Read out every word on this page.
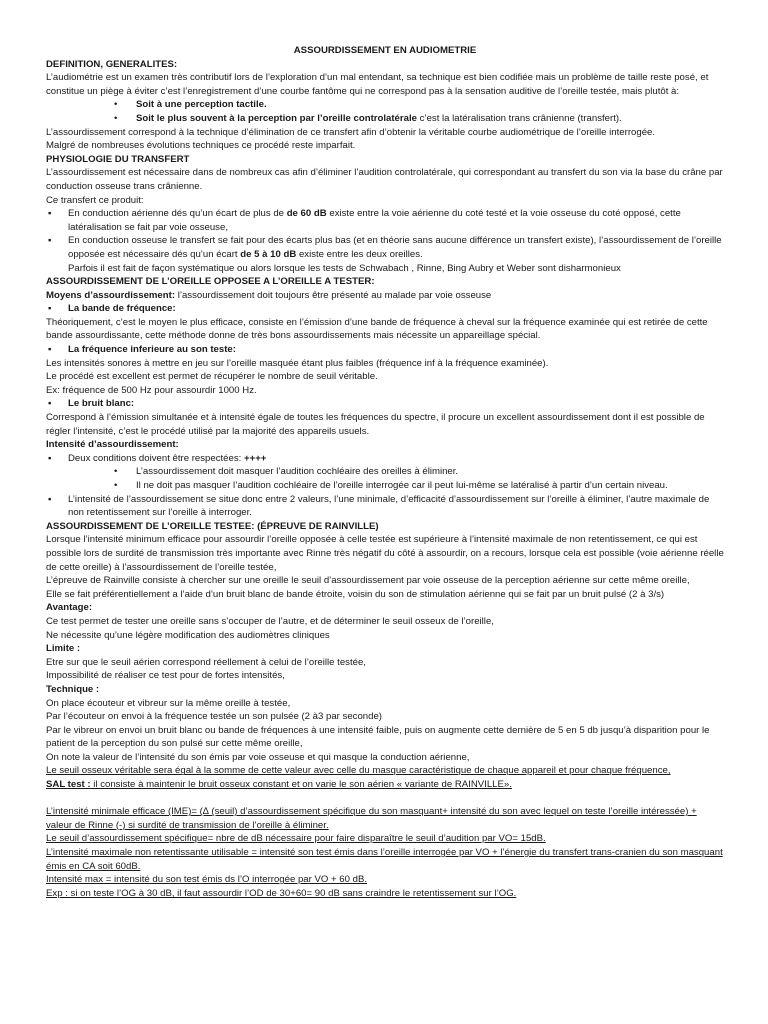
ASSOURDISSEMENT EN AUDIOMETRIE

DEFINITION, GENERALITES:

L’audiométrie est un examen très contributif lors de l’exploration d’un mal entendant, sa technique est bien codifiée mais un problème de taille reste posé, et constitue un piège à éviter c’est l’enregistrement d’une courbe fantôme qui ne correspond pas à la sensation auditive de l’oreille testée, mais plutôt à:

• Soit à une perception tactile.
• Soit le plus souvent à la perception par l’oreille controlatérale c’est la latéralisation trans crânienne (transfert).

L’assourdissement correspond à la technique d’élimination de ce transfert afin d’obtenir la véritable courbe audiométrique de l’oreille interrogée.

Malgré de nombreuses évolutions techniques ce procédé reste imparfait.

PHYSIOLOGIE DU TRANSFERT

L’assourdissement est nécessaire dans de nombreux cas afin d’éliminer l’audition controlatérale, qui correspondant au transfert du son via la base du crâne par conduction osseuse trans crânienne.

Ce transfert ce produit:

▪ En conduction aérienne dés qu’un écart de plus de de 60 dB existe entre la voie aérienne du coté testé et la voie osseuse du coté opposé, cette latéralisation se fait par voie osseuse,
▪ En conduction osseuse le transfert se fait pour des écarts plus bas (et en théorie sans aucune différence un transfert existe), l’assourdissement de l’oreille opposée est nécessaire dés qu’un écart de 5 à 10 dB existe entre les deux oreilles.

Parfois il est fait de façon systématique ou alors lorsque les tests de Schwabach , Rinne, Bing Aubry et Weber sont disharmonieux

ASSOURDISSEMENT DE L’OREILLE OPPOSEE A L’OREILLE A TESTER:

Moyens d’assourdissement: l’assourdissement doit toujours être présenté au malade par voie osseuse

▪ La bande de fréquence:

Théoriquement, c’est le moyen le plus efficace, consiste en l’émission d’une bande de fréquence à cheval sur la fréquence examinée qui est retirée de cette bande assourdissante, cette méthode donne de très bons assourdissements mais nécessite un appareillage spécial.

▪ La fréquence inferieure au son teste:

Les intensités sonores à mettre en jeu sur l’oreille masquée étant plus faibles (fréquence inf à la fréquence examinée).

Le procédé est excellent est permet de récupérer le nombre de seuil véritable.

Ex: fréquence de 500 Hz pour assourdir 1000 Hz.

▪ Le bruit blanc:

Correspond à l’émission simultanée et à intensité égale de toutes les fréquences du spectre, il procure un excellent assourdissement dont il est possible de régler l’intensité, c’est le procédé utilisé par la majorité des appareils usuels.

Intensité d’assourdissement:

▪ Deux conditions doivent être respectées: ++++
• L’assourdissement doit masquer l’audition cochléaire des oreilles à éliminer.
• Il ne doit pas masquer l’audition cochléaire de l’oreille interrogée car il peut lui-même se latéralisé à partir d’un certain niveau.
▪ L’intensité de l’assourdissement se situe donc entre 2 valeurs, l’une minimale, d’efficacité d’assourdissement sur l’oreille à éliminer, l’autre maximale de non retentissement sur l’oreille à interroger.

ASSOURDISSEMENT DE L’OREILLE TESTEE: (ÉPREUVE DE RAINVILLE)

Lorsque l’intensité minimum efficace pour assourdir l’oreille opposée à celle testée est supérieure à l’intensité maximale de non retentissement, ce qui est possible lors de surdité de transmission très importante avec Rinne très négatif du côté à assourdir, on a recours, lorsque cela est possible (voie aérienne réelle de cette oreille) à l’assourdissement de l’oreille testée,

L’épreuve de Rainville consiste à chercher sur une oreille le seuil d’assourdissement par voie osseuse de la perception aérienne sur cette même oreille,

Elle se fait préférentiellement a l’aide d’un bruit blanc de bande étroite, voisin du son de stimulation aérienne qui se fait par un bruit pulsé (2 à 3/s)

Avantage:

Ce test permet de tester une oreille sans s’occuper de l’autre, et de déterminer le seuil osseux de l’oreille,

Ne nécessite qu’une légère modification des audiomètres cliniques

Limite :

Etre sur que le seuil aérien correspond réellement à celui de l’oreille testée,

Impossibilité de réaliser ce test pour de fortes intensités,

Technique :

On place écouteur et vibreur sur la même oreille à testée,

Par l’écouteur on envoi à la fréquence testée un son pulsée (2 à3 par seconde)

Par le vibreur on envoi un bruit blanc ou bande de fréquences à une intensité faible, puis on augmente cette dernière de 5 en 5 db jusqu’à disparition pour le patient de la perception du son pulsé sur cette même oreille,

On note la valeur de l’intensité du son émis par voie osseuse et qui masque la conduction aérienne,

Le seuil osseux véritable sera égal à la somme de cette valeur avec celle du masque caractéristique de chaque appareil et pour chaque fréquence,

SAL test : il consiste à maintenir le bruit osseux constant et on varie le son aérien « variante de RAINVILLE».

L’intensité minimale efficace (IME)= (∆ (seuil) d’assourdissement spécifique du son masquant+ intensité du son avec lequel on teste l’oreille intéressée) + valeur de Rinne (-) si surdité de transmission de l’oreille à éliminer.

Le seuil d’assourdissement spécifique= nbre de dB nécessaire pour faire disparaître le seuil d’audition par VO= 15dB.

L’intensité maximale non retentissante utilisable = intensité son test émis dans l’oreille interrogée par VO + l’énergie du transfert trans-cranien du son masquant émis en CA soit 60dB.

Intensité max = intensité du son test émis ds l’O interrogée par VO + 60 dB.

Exp : si on teste l’OG à 30 dB, il faut assourdir l’OD de 30+60= 90 dB sans craindre le retentissement sur l’OG.
